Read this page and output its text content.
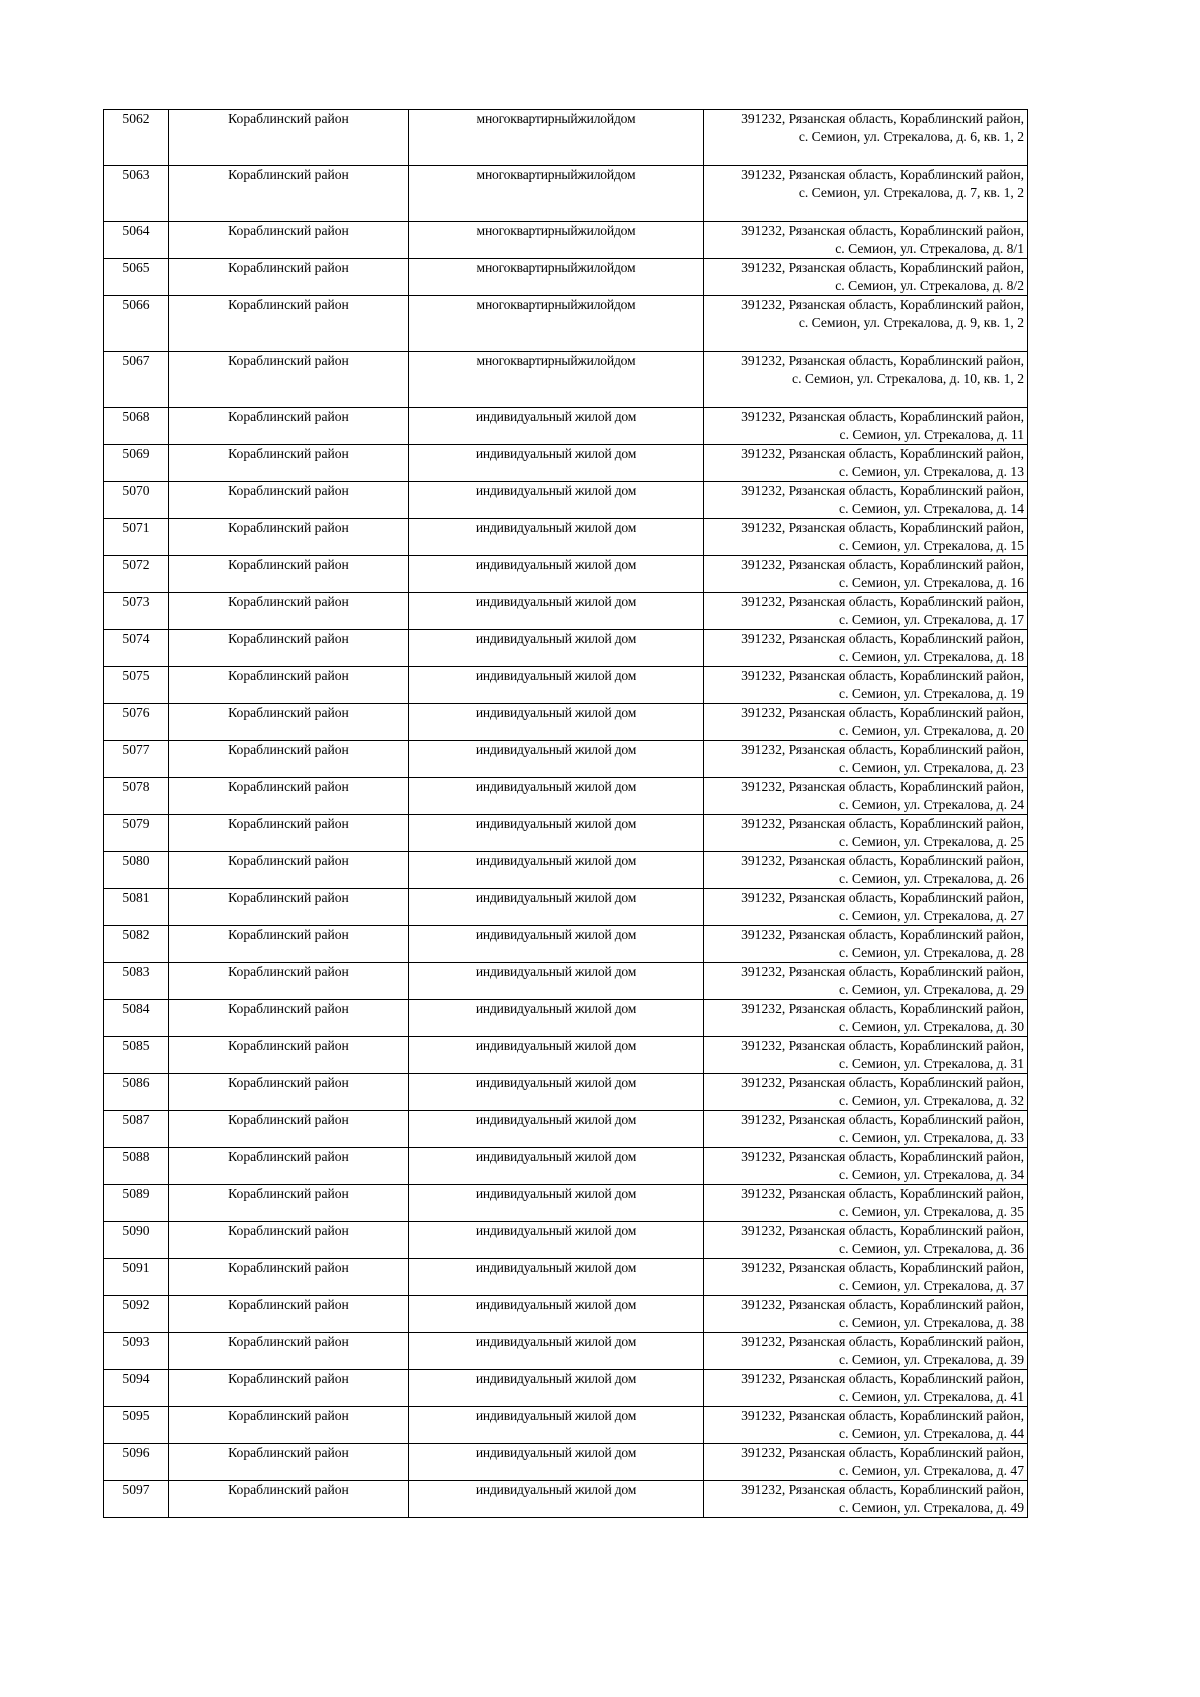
5062	Кораблинский район	многоквартирныйжилойдом	391232, Рязанская область, Кораблинский район,
с. Семион, ул. Стрекалова, д. 6, кв. 1, 2

5063	Кораблинский район	многоквартирныйжилойдом	391232, Рязанская область, Кораблинский район,
с. Семион, ул. Стрекалова, д. 7, кв. 1, 2

5064	Кораблинский район	многоквартирныйжилойдом	391232, Рязанская область, Кораблинский район,
с. Семион, ул. Стрекалова, д. 8/1

5065	Кораблинский район	многоквартирныйжилойдом	391232, Рязанская область, Кораблинский район,
с. Семион, ул. Стрекалова, д. 8/2

5066	Кораблинский район	многоквартирныйжилойдом	391232, Рязанская область, Кораблинский район,
с. Семион, ул. Стрекалова, д. 9, кв. 1, 2

5067	Кораблинский район	многоквартирныйжилойдом	391232, Рязанская область, Кораблинский район,
с. Семион, ул. Стрекалова, д. 10, кв. 1, 2

5068	Кораблинский район	индивидуальный жилой дом	391232, Рязанская область, Кораблинский район,
с. Семион, ул. Стрекалова, д. 11

5069	Кораблинский район	индивидуальный жилой дом	391232, Рязанская область, Кораблинский район,
с. Семион, ул. Стрекалова, д. 13

5070	Кораблинский район	индивидуальный жилой дом	391232, Рязанская область, Кораблинский район,
с. Семион, ул. Стрекалова, д. 14

5071	Кораблинский район	индивидуальный жилой дом	391232, Рязанская область, Кораблинский район,
с. Семион, ул. Стрекалова, д. 15

5072	Кораблинский район	индивидуальный жилой дом	391232, Рязанская область, Кораблинский район,
с. Семион, ул. Стрекалова, д. 16

5073	Кораблинский район	индивидуальный жилой дом	391232, Рязанская область, Кораблинский район,
с. Семион, ул. Стрекалова, д. 17

5074	Кораблинский район	индивидуальный жилой дом	391232, Рязанская область, Кораблинский район,
с. Семион, ул. Стрекалова, д. 18

5075	Кораблинский район	индивидуальный жилой дом	391232, Рязанская область, Кораблинский район,
с. Семион, ул. Стрекалова, д. 19

5076	Кораблинский район	индивидуальный жилой дом	391232, Рязанская область, Кораблинский район,
с. Семион, ул. Стрекалова, д. 20

5077	Кораблинский район	индивидуальный жилой дом	391232, Рязанская область, Кораблинский район,
с. Семион, ул. Стрекалова, д. 23

5078	Кораблинский район	индивидуальный жилой дом	391232, Рязанская область, Кораблинский район,
с. Семион, ул. Стрекалова, д. 24

5079	Кораблинский район	индивидуальный жилой дом	391232, Рязанская область, Кораблинский район,
с. Семион, ул. Стрекалова, д. 25

5080	Кораблинский район	индивидуальный жилой дом	391232, Рязанская область, Кораблинский район,
с. Семион, ул. Стрекалова, д. 26

5081	Кораблинский район	индивидуальный жилой дом	391232, Рязанская область, Кораблинский район,
с. Семион, ул. Стрекалова, д. 27

5082	Кораблинский район	индивидуальный жилой дом	391232, Рязанская область, Кораблинский район,
с. Семион, ул. Стрекалова, д. 28

5083	Кораблинский район	индивидуальный жилой дом	391232, Рязанская область, Кораблинский район,
с. Семион, ул. Стрекалова, д. 29

5084	Кораблинский район	индивидуальный жилой дом	391232, Рязанская область, Кораблинский район,
с. Семион, ул. Стрекалова, д. 30

5085	Кораблинский район	индивидуальный жилой дом	391232, Рязанская область, Кораблинский район,
с. Семион, ул. Стрекалова, д. 31

5086	Кораблинский район	индивидуальный жилой дом	391232, Рязанская область, Кораблинский район,
с. Семион, ул. Стрекалова, д. 32

5087	Кораблинский район	индивидуальный жилой дом	391232, Рязанская область, Кораблинский район,
с. Семион, ул. Стрекалова, д. 33

5088	Кораблинский район	индивидуальный жилой дом	391232, Рязанская область, Кораблинский район,
с. Семион, ул. Стрекалова, д. 34

5089	Кораблинский район	индивидуальный жилой дом	391232, Рязанская область, Кораблинский район,
с. Семион, ул. Стрекалова, д. 35

5090	Кораблинский район	индивидуальный жилой дом	391232, Рязанская область, Кораблинский район,
с. Семион, ул. Стрекалова, д. 36

5091	Кораблинский район	индивидуальный жилой дом	391232, Рязанская область, Кораблинский район,
с. Семион, ул. Стрекалова, д. 37

5092	Кораблинский район	индивидуальный жилой дом	391232, Рязанская область, Кораблинский район,
с. Семион, ул. Стрекалова, д. 38

5093	Кораблинский район	индивидуальный жилой дом	391232, Рязанская область, Кораблинский район,
с. Семион, ул. Стрекалова, д. 39

5094	Кораблинский район	индивидуальный жилой дом	391232, Рязанская область, Кораблинский район,
с. Семион, ул. Стрекалова, д. 41

5095	Кораблинский район	индивидуальный жилой дом	391232, Рязанская область, Кораблинский район,
с. Семион, ул. Стрекалова, д. 44

5096	Кораблинский район	индивидуальный жилой дом	391232, Рязанская область, Кораблинский район,
с. Семион, ул. Стрекалова, д. 47

5097	Кораблинский район	индивидуальный жилой дом	391232, Рязанская область, Кораблинский район,
с. Семион, ул. Стрекалова, д. 49
